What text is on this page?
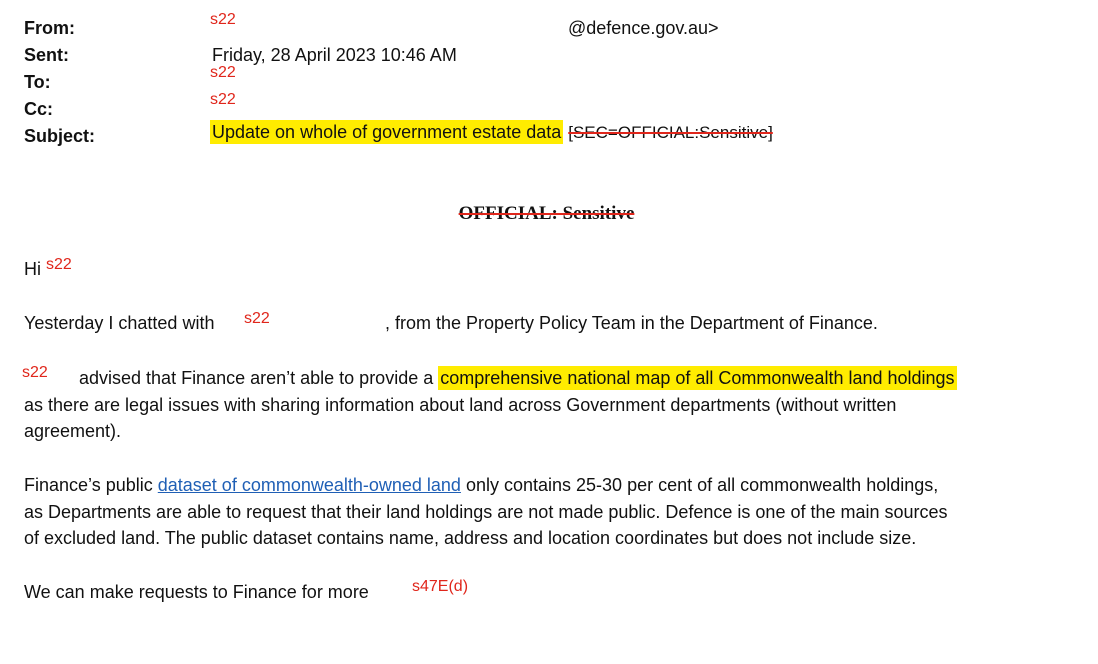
From:	s22	@defence.gov.au>
Sent:	Friday, 28 April 2023 10:46 AM
To:	s22
Cc:	s22
Subject:	Update on whole of government estate data [SEC=OFFICIAL:Sensitive]
OFFICIAL: Sensitive
Hi s22
Yesterday I chatted with s22	, from the Property Policy Team in the Department of Finance.
s22 advised that Finance aren’t able to provide a comprehensive national map of all Commonwealth land holdings
as there are legal issues with sharing information about land across Government departments (without written
agreement).
Finance’s public dataset of commonwealth-owned land only contains 25-30 per cent of all commonwealth holdings,
as Departments are able to request that their land holdings are not made public. Defence is one of the main sources
of excluded land. The public dataset contains name, address and location coordinates but does not include size.
We can make requests to Finance for more	s47E(d)
